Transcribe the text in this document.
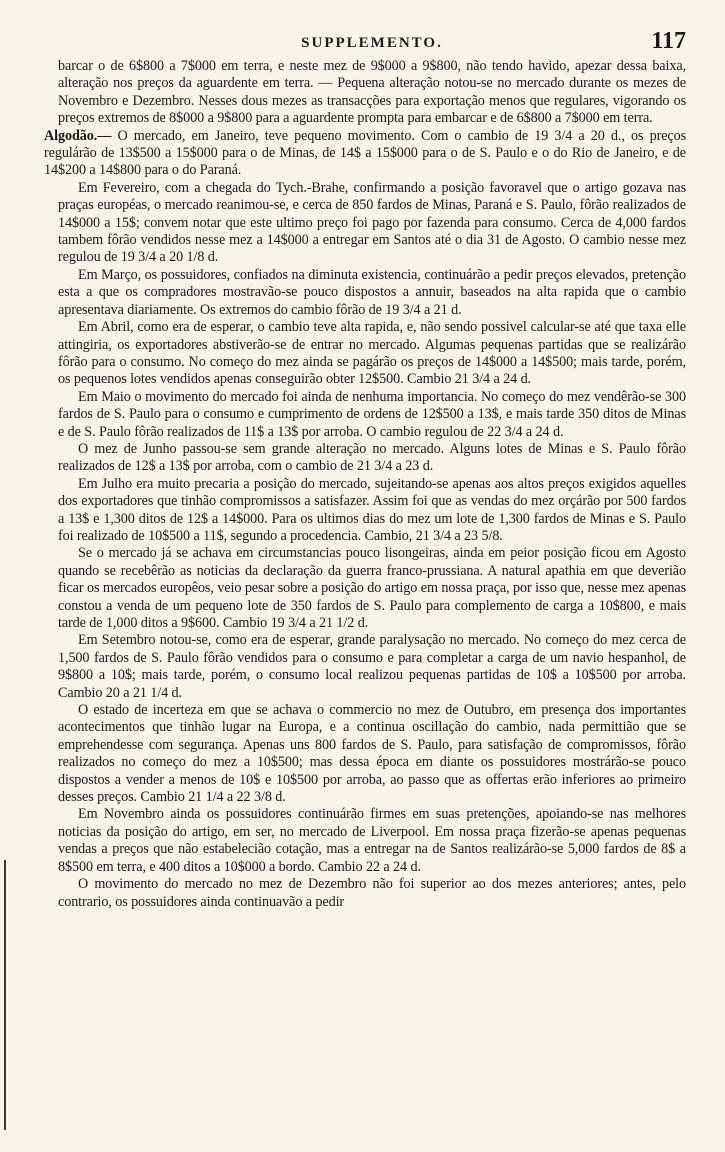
SUPPLEMENTO.	117

barcar o de 6$800 a 7$000 em terra, e neste mez de 9$000 a 9$800, não tendo havido, apezar dessa baixa, alteração nos preços da aguardente em terra. — Pequena alteração notou-se no mercado durante os mezes de Novembro e Dezembro. Nesses dous mezes as transacções para exportação menos que regulares, vigorando os preços extremos de 8$000 a 9$800 para a aguardente prompta para embarcar e de 6$800 a 7$000 em terra.

Algodão.— O mercado, em Janeiro, teve pequeno movimento. Com o cambio de 19 3/4 a 20 d., os preços regulárão de 13$500 a 15$000 para o de Minas, de 14$ a 15$000 para o de S. Paulo e o do Rio de Janeiro, e de 14$200 a 14$800 para o do Paraná.

Em Fevereiro, com a chegada do Tych.-Brahe, confirmando a posição favoravel que o artigo gozava nas praças européas, o mercado reanimou-se, e cerca de 850 fardos de Minas, Paraná e S. Paulo, fôrão realizados de 14$000 a 15$; convem notar que este ultimo preço foi pago por fazenda para consumo. Cerca de 4,000 fardos tambem fôrão vendidos nesse mez a 14$000 a entregar em Santos até o dia 31 de Agosto. O cambio nesse mez regulou de 19 3/4 a 20 1/8 d.

Em Março, os possuidores, confiados na diminuta existencia, continuárão a pedir preços elevados, pretenção esta a que os compradores mostravão-se pouco dispostos a annuir, baseados na alta rapida que o cambio apresentava diariamente. Os extremos do cambio fôrão de 19 3/4 a 21 d.

Em Abril, como era de esperar, o cambio teve alta rapida, e, não sendo possivel calcular-se até que taxa elle attingiria, os exportadores abstiverão-se de entrar no mercado. Algumas pequenas partidas que se realizárão fôrão para o consumo. No começo do mez ainda se pagárão os preços de 14$000 a 14$500; mais tarde, porém, os pequenos lotes vendidos apenas conseguirão obter 12$500. Cambio 21 3/4 a 24 d.

Em Maio o movimento do mercado foi ainda de nenhuma importancia. No começo do mez vendêrão-se 300 fardos de S. Paulo para o consumo e cumprimento de ordens de 12$500 a 13$, e mais tarde 350 ditos de Minas e de S. Paulo fôrão realizados de 11$ a 13$ por arroba. O cambio regulou de 22 3/4 a 24 d.

O mez de Junho passou-se sem grande alteração no mercado. Alguns lotes de Minas e S. Paulo fôrão realizados de 12$ a 13$ por arroba, com o cambio de 21 3/4 a 23 d.

Em Julho era muito precaria a posição do mercado, sujeitando-se apenas aos altos preços exigidos aquelles dos exportadores que tinhão compromissos a satisfazer. Assim foi que as vendas do mez orçárão por 500 fardos a 13$ e 1,300 ditos de 12$ a 14$000. Para os ultimos dias do mez um lote de 1,300 fardos de Minas e S. Paulo foi realizado de 10$500 a 11$, segundo a procedencia. Cambio, 21 3/4 a 23 5/8.

Se o mercado já se achava em circumstancias pouco lisongeiras, ainda em peior posição ficou em Agosto quando se recebêrão as noticias da declaração da guerra franco-prussiana. A natural apathia em que deverião ficar os mercados europêos, veio pesar sobre a posição do artigo em nossa praça, por isso que, nesse mez apenas constou a venda de um pequeno lote de 350 fardos de S. Paulo para complemento de carga a 10$800, e mais tarde de 1,000 ditos a 9$600. Cambio 19 3/4 a 21 1/2 d.

Em Setembro notou-se, como era de esperar, grande paralysação no mercado. No começo do mez cerca de 1,500 fardos de S. Paulo fôrão vendidos para o consumo e para completar a carga de um navio hespanhol, de 9$800 a 10$; mais tarde, porém, o consumo local realizou pequenas partidas de 10$ a 10$500 por arroba. Cambio 20 a 21 1/4 d.

O estado de incerteza em que se achava o commercio no mez de Outubro, em presença dos importantes acontecimentos que tinhão lugar na Europa, e a continua oscillação do cambio, nada permittião que se emprehendesse com segurança. Apenas uns 800 fardos de S. Paulo, para satisfação de compromissos, fôrão realizados no começo do mez a 10$500; mas dessa época em diante os possuidores mostrárão-se pouco dispostos a vender a menos de 10$ e 10$500 por arroba, ao passo que as offertas erão inferiores ao primeiro desses preços. Cambio 21 1/4 a 22 3/8 d.

Em Novembro ainda os possuidores continuárão firmes em suas pretenções, apoiando-se nas melhores noticias da posição do artigo, em ser, no mercado de Liverpool. Em nossa praça fizerão-se apenas pequenas vendas a preços que não estabelecião cotação, mas a entregar na de Santos realizárão-se 5,000 fardos de 8$ a 8$500 em terra, e 400 ditos a 10$000 a bordo. Cambio 22 a 24 d.

O movimento do mercado no mez de Dezembro não foi superior ao dos mezes anteriores; antes, pelo contrario, os possuidores ainda continuavão a pedir
